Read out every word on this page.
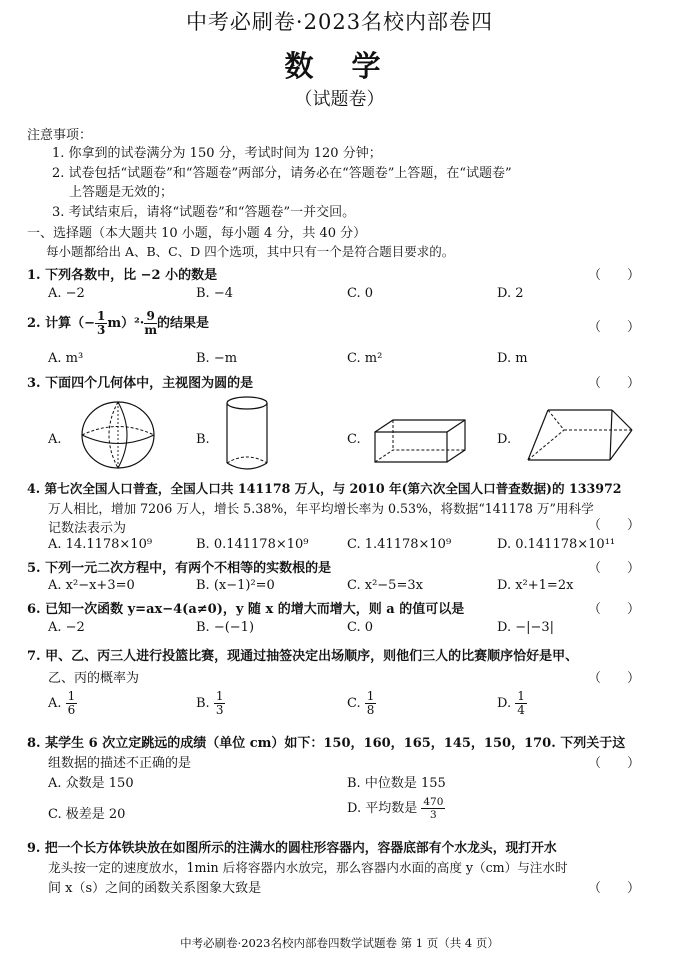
中考必刷卷·2023名校内部卷四
数 学
（试题卷）
注意事项：
1. 你拿到的试卷满分为 150 分，考试时间为 120 分钟；
2. 试卷包括“试题卷”和“答题卷”两部分，请务必在“答题卷”上答题，在“试题卷”
上答题是无效的；
3. 考试结束后，请将“试题卷”和“答题卷”一并交回。
一、选择题（本大题共 10 小题，每小题 4 分，共 40 分）
每小题都给出 A、B、C、D 四个选项，其中只有一个是符合题目要求的。
1. 下列各数中，比 −2 小的数是	（　　）
A. −2	B. −4	C. 0	D. 2
2. 计算（− $\frac{1}{3} m)^2\cdot \frac{9}{m}$ 的结果是	（　　）
A. m³	B. −m	C. m²	D. m
3. 下面四个几何体中，主视图为圆的是	（　　）
A.	B.	C.	D.
4. 第七次全国人口普查，全国人口共 141178 万人，与 2010 年(第六次全国人口普查数据)的 133972
万人相比，增加 7206 万人，增长 5.38%，年平均增长率为 0.53%，将数据“141178 万”用科学
记数法表示为	（　　）
A. 14.1178×10⁹	B. 0.141178×10⁹	C. 1.41178×10⁹	D. 0.141178×10¹¹
5. 下列一元二次方程中，有两个不相等的实数根的是	（　　）
A. x²−x+3=0	B. (x−1)²=0	C. x²−5=3x	D. x²+1=2x
6. 已知一次函数 y=ax−4(a≠0)，y 随 x 的增大而增大，则 a 的值可以是	（　　）
A. −2	B. −(−1)	C. 0	D. −|−3|
7. 甲、乙、丙三人进行投篮比赛，现通过抽签决定出场顺序，则他们三人的比赛顺序恰好是甲、
乙、丙的概率为	（　　）
A. $\frac{1}{6}$	B. $\frac{1}{3}$	C. $\frac{1}{8}$	D. $\frac{1}{4}$
8. 某学生 6 次立定跳远的成绩（单位 cm）如下：150，160，165，145，150，170. 下列关于这
组数据的描述不正确的是	（　　）
A. 众数是 150	B. 中位数是 155
C. 极差是 20	D. 平均数是 $\frac{470}{3}$
9. 把一个长方体铁块放在如图所示的注满水的圆柱形容器内，容器底部有个水龙头，现打开水
龙头按一定的速度放水，1min 后将容器内水放完，那么容器内水面的高度 y（cm）与注水时
间 x（s）之间的函数关系图象大致是	（　　）
中考必刷卷·2023名校内部卷四数学试题卷 第 1 页（共 4 页）
